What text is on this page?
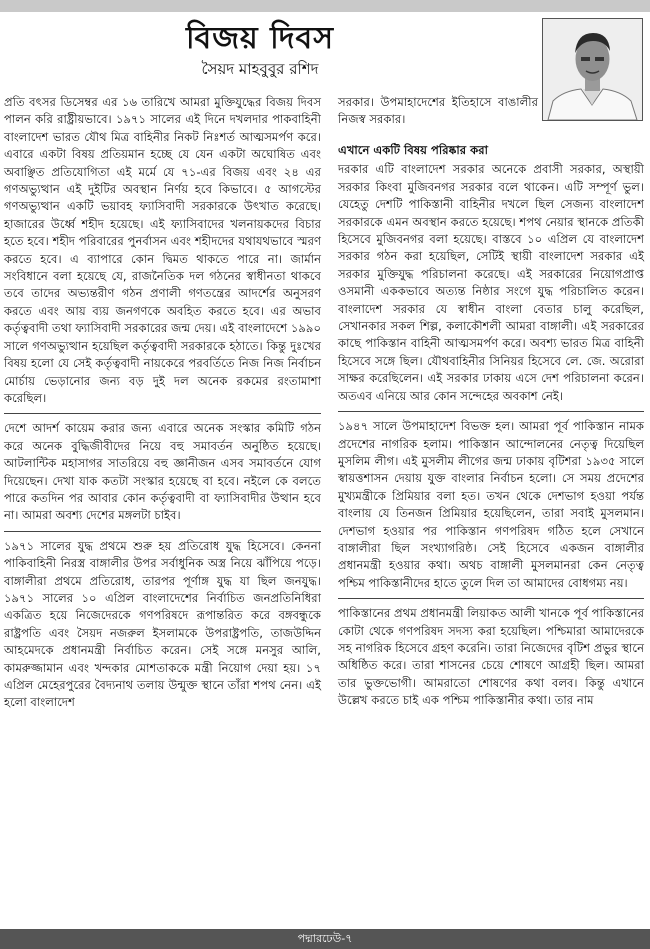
বিজয় দিবস
সৈয়দ মাহবুবুর রশিদ

প্রতি বৎসর ডিসেম্বর এর ১৬ তারিখে আমরা মুক্তিযুদ্ধের বিজয় দিবস পালন করি রাষ্ট্রীয়ভাবে। ১৯৭১ সালের এই দিনে দখলদার পাকবাহিনী বাংলাদেশ ভারত যৌথ মিত্র বাহিনীর নিকট নিঃশর্ত আত্মসমর্পণ করে। এবারে একটা বিষয় প্রতিয়মান হচ্ছে যে যেন একটা অঘোষিত এবং অবাঞ্ছিত প্রতিযোগিতা এই মর্মে যে ৭১-এর বিজয় এবং ২৪ এর গণঅভ্যুত্থান এই দুইটির অবস্থান নির্ণয় হবে কিভাবে। ৫ আগস্টের গণঅভ্যুত্থান একটি ভয়াবহ ফ্যাসিবাদী সরকারকে উৎখাত করেছে। হাজারের উর্ধ্বে শহীদ হয়েছে। এই ফ্যাসিবাদের খলনায়কদের বিচার হতে হবে। শহীদ পরিবারের পুনর্বাসন এবং শহীদদের যথাযথভাবে স্মরণ করতে হবে। এ ব্যাপারে কোন দ্বিমত থাকতে পারে না। জার্মান সংবিধানে বলা হয়েছে যে, রাজনৈতিক দল গঠনের স্বাধীনতা থাকবে তবে তাদের অভ্যন্তরীণ গঠন প্রণালী গণতন্ত্রের আদর্শের অনুসরণ করতে এবং আয় ব্যয় জনগণকে অবহিত করতে হবে। এর অভাব কর্তৃত্ববাদী তথা ফ্যাসিবাদী সরকারের জন্ম দেয়। এই বাংলাদেশে ১৯৯০ সালে গণঅভ্যুত্থান হয়েছিল কর্তৃত্ববাদী সরকারকে হঠাতে। কিন্তু দুঃখের বিষয় হলো যে সেই কর্তৃত্ববাদী নায়কেরে পরবর্তিতে নিজ নিজ নির্বাচন মোর্চায় ভেড়ানোর জন্য বড় দুই দল অনেক রকমের রংতামাশা করেছিল।

দেশে আদর্শ কায়েম করার জন্য এবারে অনেক সংস্কার কমিটি গঠন করে অনেক বুদ্ধিজীবীদের নিয়ে বহু সমাবর্তন অনুষ্ঠিত হয়েছে। আটলান্টিক মহাসাগর সাতরিয়ে বহু জ্ঞানীজন এসব সমাবর্তনে যোগ দিয়েছেন। দেখা যাক কতটা সংস্কার হয়েছে বা হবে। নইলে কে বলতে পারে কতদিন পর আবার কোন কর্তৃত্ববাদী বা ফ্যাসিবাদীর উত্থান হবে না। আমরা অবশ্য দেশের মঙ্গলটা চাইব।

১৯৭১ সালের যুদ্ধ প্রথমে শুরু হয় প্রতিরোধ যুদ্ধ হিসেবে। কেননা পাকিবাহিনী নিরস্ত্র বাঙ্গালীর উপর সর্বাধুনিক অস্ত্র নিয়ে ঝাঁপিয়ে পড়ে। বাঙ্গালীরা প্রথমে প্রতিরোধ, তারপর পূর্ণাঙ্গ যুদ্ধ যা ছিল জনযুদ্ধ। ১৯৭১ সালের ১০ এপ্রিল বাংলাদেশের নির্বাচিত জনপ্রতিনিধিরা একত্রিত হয়ে নিজেদেরকে গণপরিষদে রূপান্তরিত করে বঙ্গবন্ধুকে রাষ্ট্রপতি এবং সৈয়দ নজরুল ইসলামকে উপরাষ্ট্রপতি, তাজউদ্দিন আহমেদকে প্রধানমন্ত্রী নির্বাচিত করেন। সেই সঙ্গে মনসুর আলি, কামরুজ্জামান এবং খন্দকার মোশতাককে মন্ত্রী নিয়োগ দেয়া হয়। ১৭ এপ্রিল মেহেরপুরের বৈদ্যনাথ তলায় উন্মুক্ত স্থানে তাঁরা শপথ নেন। এই হলো বাংলাদেশ

সরকার। উপমাহাদেশের ইতিহাসে বাঙালীর নিজস্ব সরকার।

এখানে একটি বিষয় পরিষ্কার করা

দরকার এটি বাংলাদেশ সরকার অনেকে প্রবাসী সরকার, অস্থায়ী সরকার কিংবা মুজিবনগর সরকার বলে থাকেন। এটি সম্পূর্ণ ভুল। যেহেতু দেশটি পাকিস্তানী বাহিনীর দখলে ছিল সেজন্য বাংলাদেশ সরকারকে এমন অবস্থান করতে হয়েছে। শপথ নেয়ার স্থানকে প্রতিকী হিসেবে মুজিবনগর বলা হয়েছে। বাস্তবে ১০ এপ্রিল যে বাংলাদেশ সরকার গঠন করা হয়েছিল, সেটিই স্থায়ী বাংলাদেশ সরকার এই সরকার মুক্তিযুদ্ধ পরিচালনা করেছে। এই সরকারের নিয়োগপ্রাপ্ত ওসমানী এককভাবে অত্যন্ত নিষ্ঠার সংগে যুদ্ধ পরিচালিত করেন। বাংলাদেশ সরকার যে স্বাধীন বাংলা বেতার চালু করেছিল, সেখানকার সকল শিল্প, কলাকৌশলী আমরা বাঙ্গালী। এই সরকারের কাছে পাকিস্তান বাহিনী আত্মসমর্পণ করে। অবশ্য ভারত মিত্র বাহিনী হিসেবে সঙ্গে ছিল। যৌথবাহিনীর সিনিয়র হিসেবে লে. জে. অরোরা সাক্ষর করেছিলেন। এই সরকার ঢাকায় এসে দেশ পরিচালনা করেন। অতএব এনিয়ে আর কোন সন্দেহের অবকাশ নেই।

১৯৪৭ সালে উপমাহাদেশ বিভক্ত হল। আমরা পূর্ব পাকিস্তান নামক প্রদেশের নাগরিক হলাম। পাকিস্তান আন্দোলনের নেতৃত্ব দিয়েছিল মুসলিম লীগ। এই মুসলীম লীগের জন্ম ঢাকায় বৃটিশরা ১৯৩৫ সালে স্বায়ত্তশাসন দেয়ায় যুক্ত বাংলার নির্বাচন হলো। সে সময় প্রদেশের মুখ্যমন্ত্রীকে প্রিমিয়ার বলা হত। তখন থেকে দেশভাগ হওয়া পর্যন্ত বাংলায় যে তিনজন প্রিমিয়ার হয়েছিলেন, তারা সবাই মুসলমান। দেশভাগ হওয়ার পর পাকিস্তান গণপরিষদ গঠিত হলে সেখানে বাঙ্গালীরা ছিল সংখ্যাগরিষ্ঠ। সেই হিসেবে একজন বাঙ্গালীর প্রধানমন্ত্রী হওয়ার কথা। অথচ বাঙ্গালী মুসলমানরা কেন নেতৃত্ব পশ্চিম পাকিস্তানীদের হাতে তুলে দিল তা আমাদের বোধগম্য নয়।

পাকিস্তানের প্রথম প্রধানমন্ত্রী লিয়াকত আলী খানকে পূর্ব পাকিস্তানের কোটা থেকে গণপরিষদ সদস্য করা হয়েছিল। পশ্চিমারা আমাদেরকে সহ নাগরিক হিসেবে গ্রহণ করেনি। তারা নিজেদের বৃটিশ প্রভুর স্থানে অধিষ্ঠিত করে। তারা শাসনের চেয়ে শোষণে আগ্রহী ছিল। আমরা তার ভুক্তভোগী। আমরাতো শোষণের কথা বলব। কিন্তু এখানে উল্লেখ করতে চাই এক পশ্চিম পাকিস্তানীর কথা। তার নাম

পদ্মারঢেউ-৭
